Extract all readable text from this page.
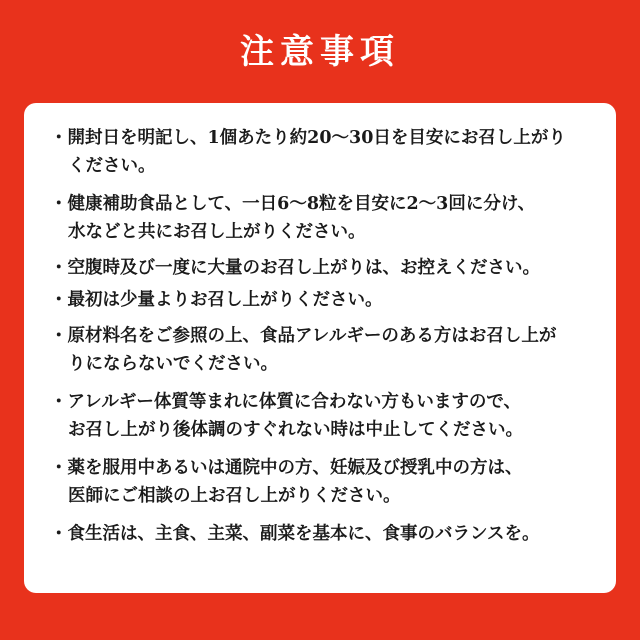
注意事項
・開封日を明記し、1個あたり約20～30日を目安にお召し上がり
ください。
・健康補助食品として、一日6～8粒を目安に2～3回に分け、
水などと共にお召し上がりください。
・空腹時及び一度に大量のお召し上がりは、お控えください。
・最初は少量よりお召し上がりください。
・原材料名をご参照の上、食品アレルギーのある方はお召し上が
りにならないでください。
・アレルギー体質等まれに体質に合わない方もいますので、
お召し上がり後体調のすぐれない時は中止してください。
・薬を服用中あるいは通院中の方、妊娠及び授乳中の方は、
医師にご相談の上お召し上がりください。
・食生活は、主食、主菜、副菜を基本に、食事のバランスを。
